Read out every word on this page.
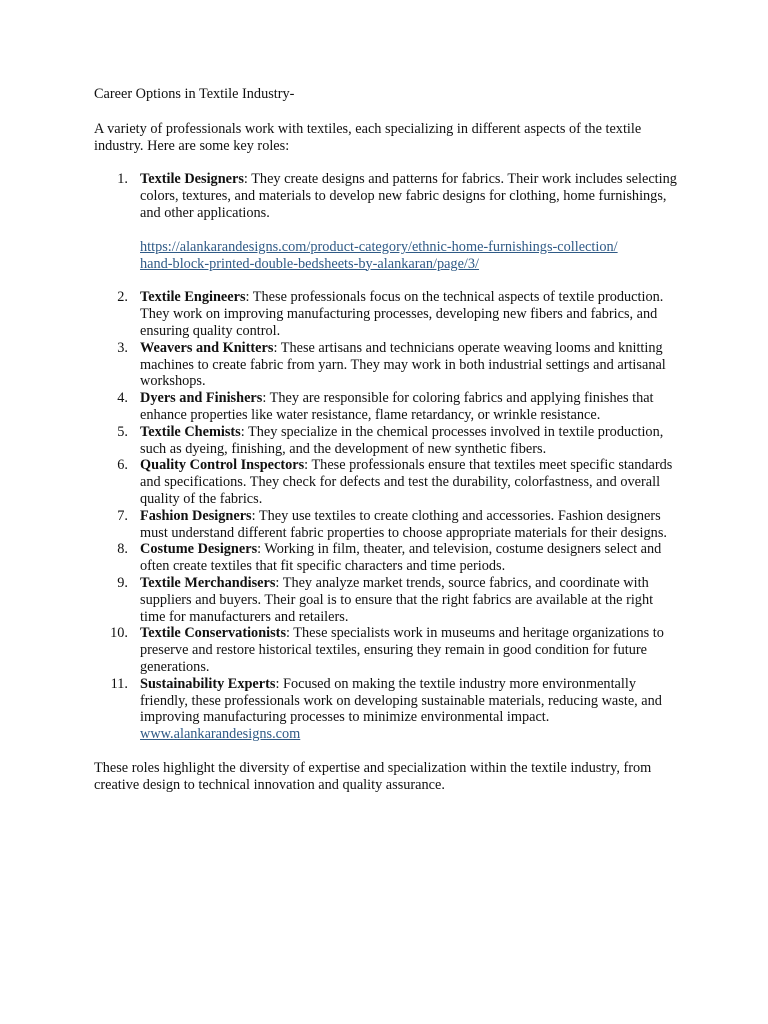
Career Options in Textile Industry-

A variety of professionals work with textiles, each specializing in different aspects of the textile industry. Here are some key roles:

1. Textile Designers: They create designs and patterns for fabrics. Their work includes selecting colors, textures, and materials to develop new fabric designs for clothing, home furnishings, and other applications.
https://alankarandesigns.com/product-category/ethnic-home-furnishings-collection/
hand-block-printed-double-bedsheets-by-alankaran/page/3/
2. Textile Engineers: These professionals focus on the technical aspects of textile production. They work on improving manufacturing processes, developing new fibers and fabrics, and ensuring quality control.
3. Weavers and Knitters: These artisans and technicians operate weaving looms and knitting machines to create fabric from yarn. They may work in both industrial settings and artisanal workshops.
4. Dyers and Finishers: They are responsible for coloring fabrics and applying finishes that enhance properties like water resistance, flame retardancy, or wrinkle resistance.
5. Textile Chemists: They specialize in the chemical processes involved in textile production, such as dyeing, finishing, and the development of new synthetic fibers.
6. Quality Control Inspectors: These professionals ensure that textiles meet specific standards and specifications. They check for defects and test the durability, colorfastness, and overall quality of the fabrics.
7. Fashion Designers: They use textiles to create clothing and accessories. Fashion designers must understand different fabric properties to choose appropriate materials for their designs.
8. Costume Designers: Working in film, theater, and television, costume designers select and often create textiles that fit specific characters and time periods.
9. Textile Merchandisers: They analyze market trends, source fabrics, and coordinate with suppliers and buyers. Their goal is to ensure that the right fabrics are available at the right time for manufacturers and retailers.
10. Textile Conservationists: These specialists work in museums and heritage organizations to preserve and restore historical textiles, ensuring they remain in good condition for future generations.
11. Sustainability Experts: Focused on making the textile industry more environmentally friendly, these professionals work on developing sustainable materials, reducing waste, and improving manufacturing processes to minimize environmental impact. www.alankarandesigns.com

These roles highlight the diversity of expertise and specialization within the textile industry, from creative design to technical innovation and quality assurance.
